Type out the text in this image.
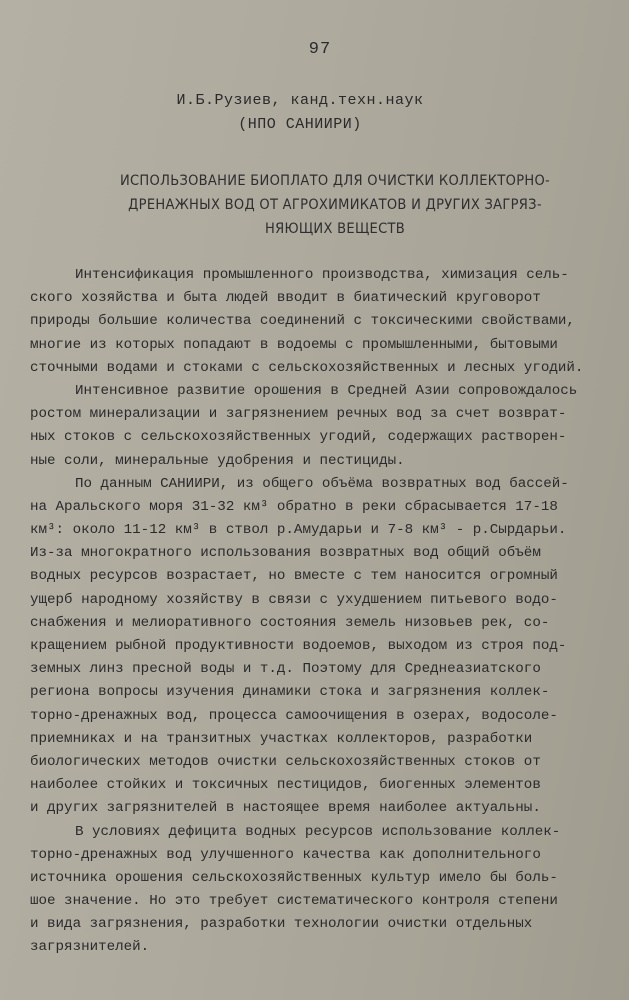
97
И.Б.Рузиев, канд.техн.наук
(НПО САНИИРИ)
ИСПОЛЬЗОВАНИЕ БИОПЛАТО ДЛЯ ОЧИСТКИ КОЛЛЕКТОРНО-
ДРЕНАЖНЫХ ВОД ОТ АГРОХИМИКАТОВ И ДРУГИХ ЗАГРЯЗ-
НЯЮЩИХ ВЕЩЕСТВ
Интенсификация промышленного производства, химизация сель-
ского хозяйства и быта людей вводит в биатический круговорот
природы большие количества соединений с токсическими свойствами,
многие из которых попадают в водоемы с промышленными, бытовыми
сточными водами и стоками с сельскохозяйственных и лесных угодий.
Интенсивное развитие орошения в Средней Азии сопровождалось
ростом минерализации и загрязнением речных вод за счет возврат-
ных стоков с сельскохозяйственных угодий, содержащих растворен-
ные соли, минеральные удобрения и пестициды.
По данным САНИИРИ, из общего объёма возвратных вод бассей-
на Аральского моря 31-32 км³ обратно в реки сбрасывается 17-18
км³: около 11-12 км³ в ствол р.Амударьи и 7-8 км³ - р.Сырдарьи.
Из-за многократного использования возвратных вод общий объём
водных ресурсов возрастает, но вместе с тем наносится огромный
ущерб народному хозяйству в связи с ухудшением питьевого водо-
снабжения и мелиоративного состояния земель низовьев рек, со-
кращением рыбной продуктивности водоемов, выходом из строя под-
земных линз пресной воды и т.д. Поэтому для Среднеазиатского
региона вопросы изучения динамики стока и загрязнения коллек-
торно-дренажных вод, процесса самоочищения в озерах, водосоле-
приемниках и на транзитных участках коллекторов, разработки
биологических методов очистки сельскохозяйственных стоков от
наиболее стойких и токсичных пестицидов, биогенных элементов
и других загрязнителей в настоящее время наиболее актуальны.
В условиях дефицита водных ресурсов использование коллек-
торно-дренажных вод улучшенного качества как дополнительного
источника орошения сельскохозяйственных культур имело бы боль-
шое значение. Но это требует систематического контроля степени
и вида загрязнения, разработки технологии очистки отдельных
загрязнителей.
